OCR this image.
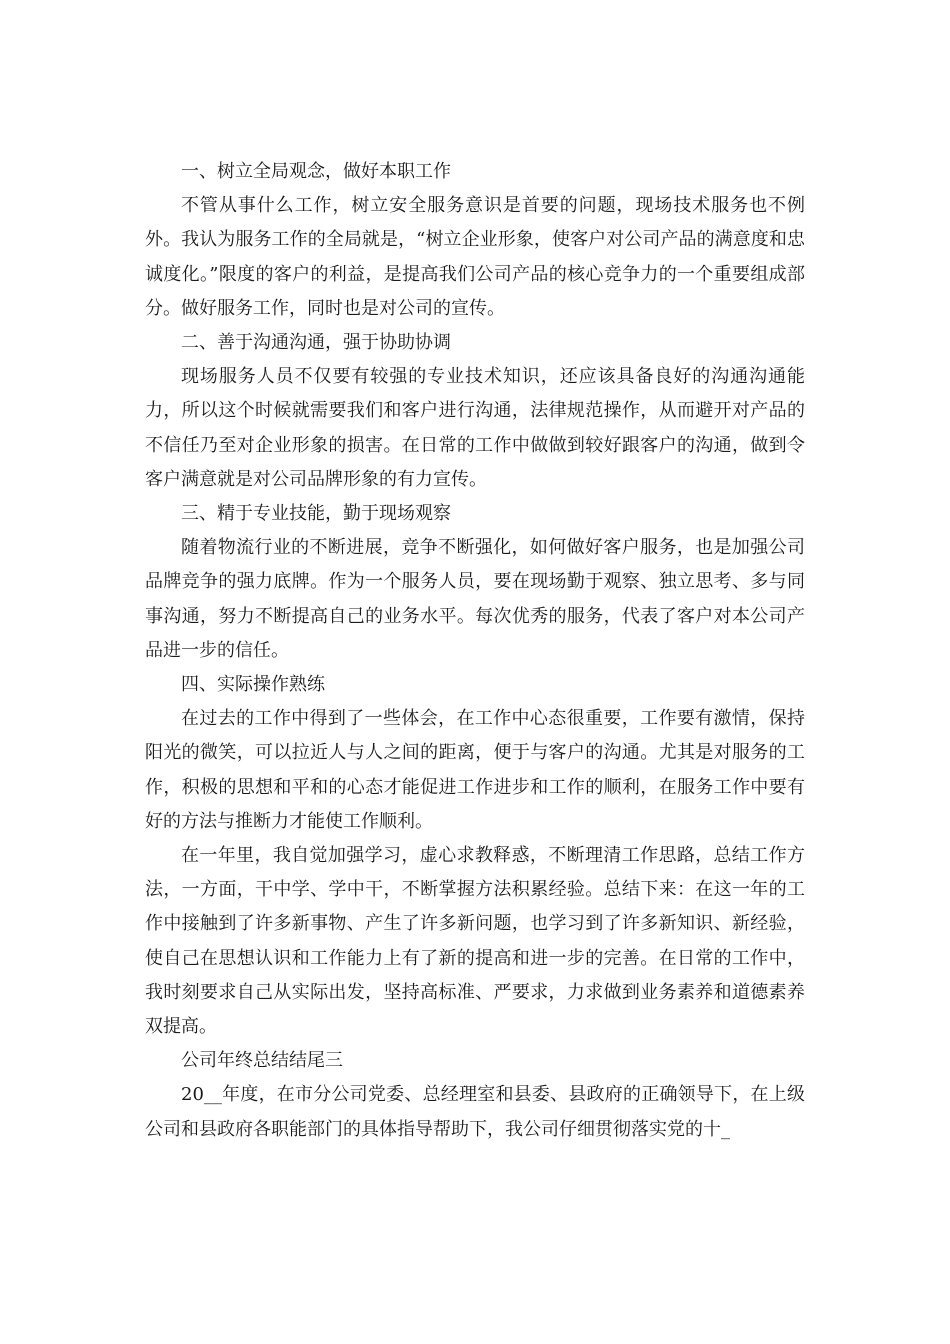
一、树立全局观念，做好本职工作

不管从事什么工作，树立安全服务意识是首要的问题，现场技术服务也不例外。我认为服务工作的全局就是，“树立企业形象，使客户对公司产品的满意度和忠诚度化。”限度的客户的利益，是提高我们公司产品的核心竞争力的一个重要组成部分。做好服务工作，同时也是对公司的宣传。

二、善于沟通沟通，强于协助协调

现场服务人员不仅要有较强的专业技术知识，还应该具备良好的沟通沟通能力，所以这个时候就需要我们和客户进行沟通，法律规范操作，从而避开对产品的不信任乃至对企业形象的损害。在日常的工作中做做到较好跟客户的沟通，做到令客户满意就是对公司品牌形象的有力宣传。

三、精于专业技能，勤于现场观察

随着物流行业的不断进展，竞争不断强化，如何做好客户服务，也是加强公司品牌竞争的强力底牌。作为一个服务人员，要在现场勤于观察、独立思考、多与同事沟通，努力不断提高自己的业务水平。每次优秀的服务，代表了客户对本公司产品进一步的信任。

四、实际操作熟练

在过去的工作中得到了一些体会，在工作中心态很重要，工作要有激情，保持阳光的微笑，可以拉近人与人之间的距离，便于与客户的沟通。尤其是对服务的工作，积极的思想和平和的心态才能促进工作进步和工作的顺利，在服务工作中要有好的方法与推断力才能使工作顺利。

在一年里，我自觉加强学习，虚心求教释惑，不断理清工作思路，总结工作方法，一方面，干中学、学中干，不断掌握方法积累经验。总结下来：在这一年的工作中接触到了许多新事物、产生了许多新问题，也学习到了许多新知识、新经验，使自己在思想认识和工作能力上有了新的提高和进一步的完善。在日常的工作中，我时刻要求自己从实际出发，坚持高标准、严要求，力求做到业务素养和道德素养双提高。

公司年终总结结尾三

20__年度，在市分公司党委、总经理室和县委、县政府的正确领导下，在上级公司和县政府各职能部门的具体指导帮助下，我公司仔细贯彻落实党的十_
